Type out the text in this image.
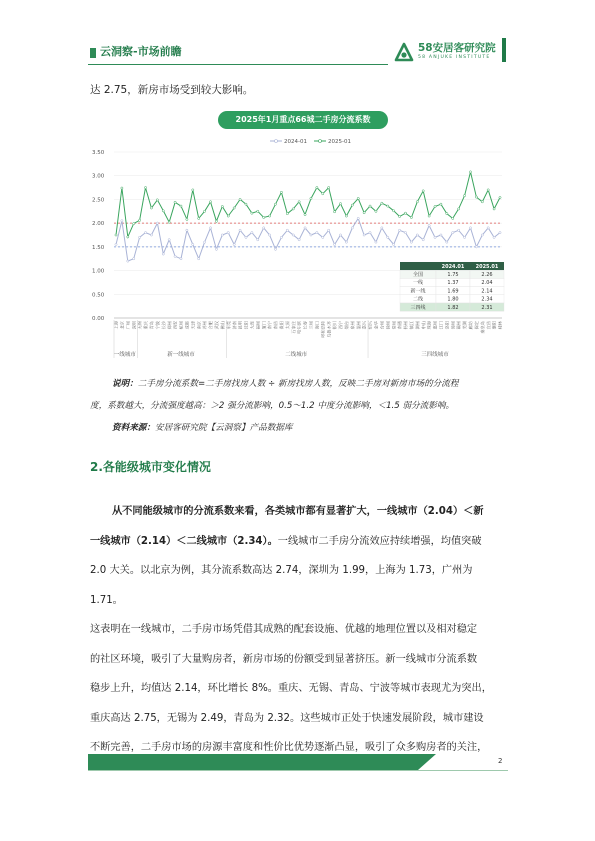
云洞察-市场前瞻	58安居客研究院
58 ANJUKE INSTITUTE

达 2.75，新房市场受到较大影响。

2025年1月重点66城二手房分流系数
3.50
3.00
2.50
2.00
1.50
1.00
0.50
0.00
2024-01	2025-01
上海 北京 广州 深圳 无锡 重庆 青岛 宁波 长沙 郑州 西安 杭州 成都 天津 南京 苏州 合肥 武汉 佛山 东莞 济南 昆明 沈阳 大连 福州 厦门 南宁 南昌 贵阳 太原 石家庄 哈尔滨 长春 兰州 海口 呼和浩特 乌鲁木齐 银川 西宁 烟台 泉州 温州 嘉兴 绍兴 金华 台州 徐州 常州 南通 扬州 镇江 湖州 中山 珠海 惠州 江门 洛阳 漳州 赣州 芜湖 廊坊 保定 秦皇岛 宜昌 襄阳 桂林
一线城市	新一线城市	二线城市	三四线城市
2024.01 2025.01
全国	1.75	2.26
一线	1.37	2.04
新一线	1.69	2.14
二线	1.80	2.34
三四线	1.82	2.31

说明：二手房分流系数=二手房找房人数 ÷ 新房找房人数，反映二手房对新房市场的分流程
度，系数越大，分流强度越高：＞2 强分流影响，0.5～1.2 中度分流影响，＜1.5 弱分流影响。
资料来源：安居客研究院【云洞察】产品数据库

2.各能级城市变化情况
从不同能级城市的分流系数来看，各类城市都有显著扩大，一线城市（2.04）＜新
一线城市（2.14）＜二线城市（2.34）。一线城市二手房分流效应持续增强，均值突破
2.0 大关。以北京为例，其分流系数高达 2.74，深圳为 1.99，上海为 1.73，广州为 1.71。
这表明在一线城市，二手房市场凭借其成熟的配套设施、优越的地理位置以及相对稳定
的社区环境，吸引了大量购房者，新房市场的份额受到显著挤压。新一线城市分流系数
稳步上升，均值达 2.14，环比增长 8%。重庆、无锡、青岛、宁波等城市表现尤为突出，
重庆高达 2.75，无锡为 2.49，青岛为 2.32。这些城市正处于快速发展阶段，城市建设
不断完善，二手房市场的房源丰富度和性价比优势逐渐凸显，吸引了众多购房者的关注，
2
